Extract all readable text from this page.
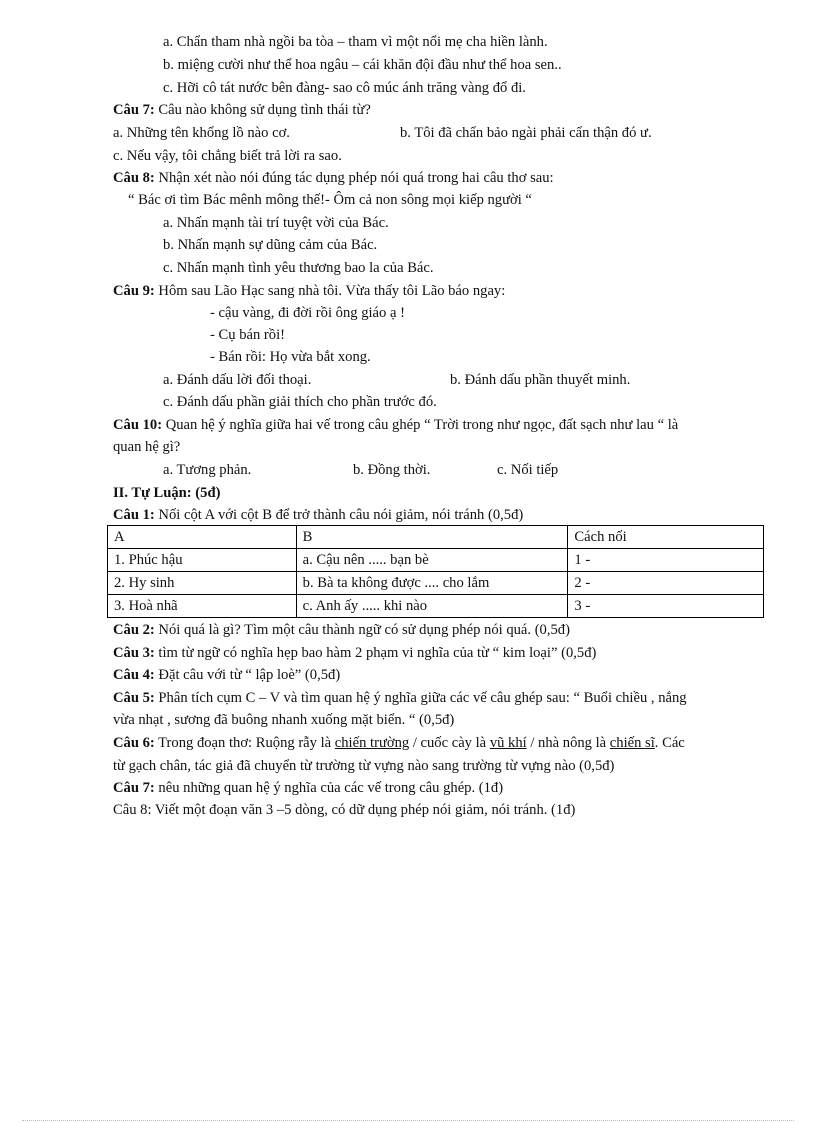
a. Chẩn tham nhà ngồi ba tòa – tham vì một nổi mẹ cha hiền lành.
b. miệng cười như thể hoa ngâu – cái khăn đội đầu như thể hoa sen..
c. Hỡi cô tát nước bên đàng- sao cô múc ánh trăng vàng đổ đi.
Câu 7: Câu nào không sử dụng tình thái từ?
a. Những tên khổng lồ nào cơ.	b. Tôi đã chẩn bảo ngài phải cẩn thận đó ư.
c. Nếu vậy, tôi chẳng biết trả lời ra sao.
Câu 8: Nhận xét nào nói đúng tác dụng phép nói quá trong hai câu thơ sau:
“ Bác ơi tìm Bác mênh mông thế!- Ôm cả non sông mọi kiếp người “
a. Nhấn mạnh tài trí tuyệt vời của Bác.
b. Nhấn mạnh sự dũng cảm của Bác.
c. Nhấn mạnh tình yêu thương bao la của Bác.
Câu 9: Hôm sau Lão Hạc sang nhà tôi. Vừa thấy tôi Lão báo ngay:
- cậu vàng, đi đời rồi ông giáo ạ !
- Cụ bán rồi!
- Bán rồi: Họ vừa bắt xong.
a. Đánh dấu lời đối thoại.	b. Đánh dấu phần thuyết minh.
c. Đánh dấu phần giải thích cho phần trước đó.
Câu 10: Quan hệ ý nghĩa giữa hai vế trong câu ghép “ Trời trong như ngọc, đất sạch như lau “ là
quan hệ gì?
a. Tương phản.	b. Đồng thời.	c. Nối tiếp
II. Tự Luận: (5đ)
Câu 1: Nối cột A với cột B để trở thành câu nói giảm, nói tránh (0,5đ)
A	B	Cách nối
1. Phúc hậu	a. Cậu nên ..... bạn bè	1 -
2. Hy sinh	b. Bà ta không được .... cho lắm	2 -
3. Hoà nhã	c. Anh ấy ..... khi nào	3 -
Câu 2: Nói quá là gì? Tìm một câu thành ngữ có sử dụng phép nói quá. (0,5đ)
Câu 3: tìm từ ngữ có nghĩa hẹp bao hàm 2 phạm vi nghĩa của từ “ kim loại” (0,5đ)
Câu 4: Đặt câu với từ “ lập loè” (0,5đ)
Câu 5: Phân tích cụm C – V và tìm quan hệ ý nghĩa giữa các vế câu ghép sau: “ Buổi chiều , nắng
vừa nhạt , sương đã buông nhanh xuống mặt biển. “ (0,5đ)
Câu 6: Trong đoạn thơ: Ruộng rẫy là chiến trường / cuốc cày là vũ khí / nhà nông là chiến sĩ. Các
từ gạch chân, tác giả đã chuyển từ trường từ vựng nào sang trường từ vựng nào (0,5đ)
Câu 7: nêu những quan hệ ý nghĩa của các vế trong câu ghép. (1đ)
Câu 8: Viết một đoạn văn 3 –5 dòng, có dữ dụng phép nói giảm, nói tránh. (1đ)
